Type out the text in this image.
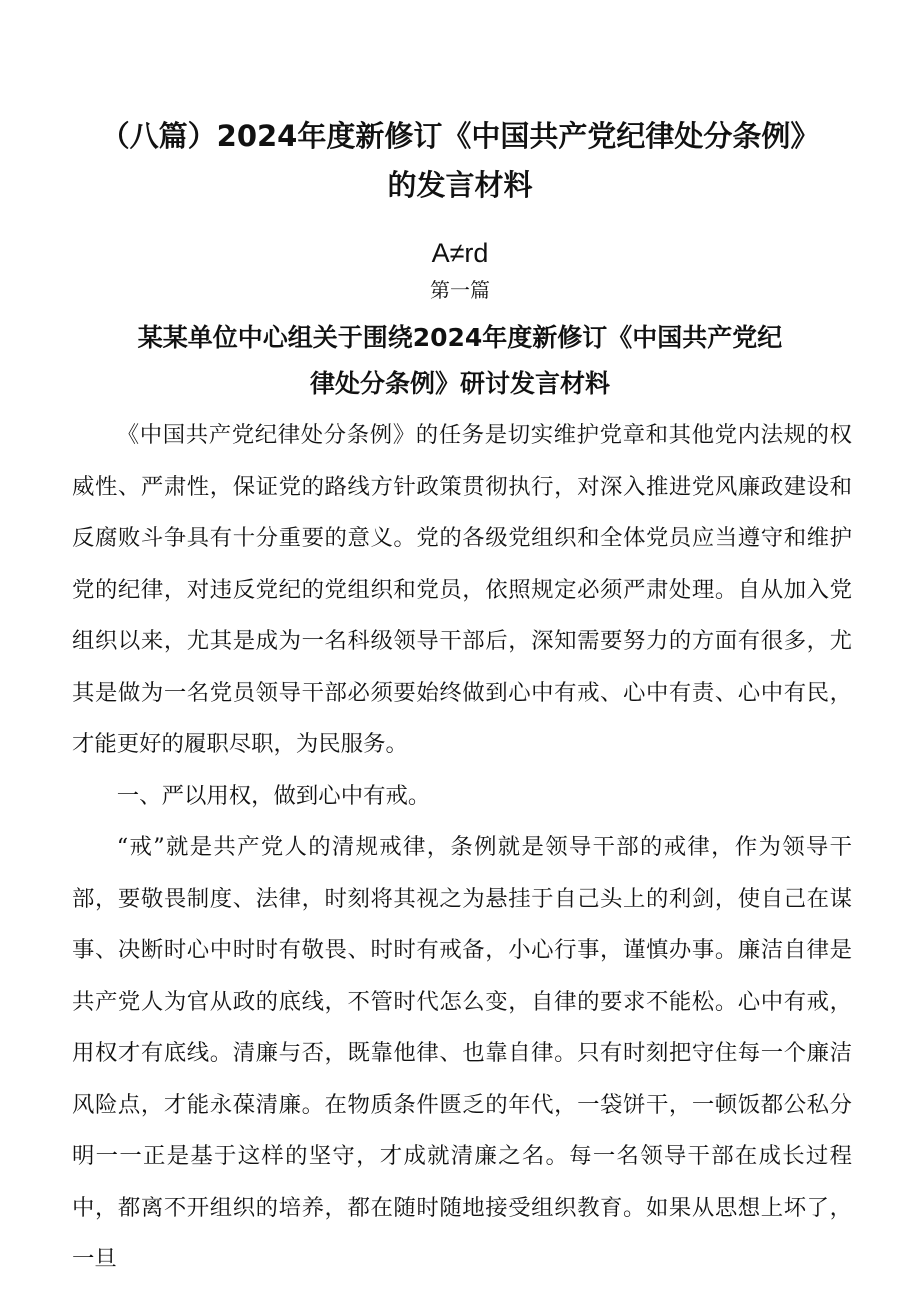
（八篇）2024年度新修订《中国共产党纪律处分条例》
的发言材料
A≠rd
第一篇
某某单位中心组关于围绕2024年度新修订《中国共产党纪
律处分条例》研讨发言材料

《中国共产党纪律处分条例》的任务是切实维护党章和其他党内法规的权威性、严肃性，保证党的路线方针政策贯彻执行，对深入推进党风廉政建设和反腐败斗争具有十分重要的意义。党的各级党组织和全体党员应当遵守和维护党的纪律，对违反党纪的党组织和党员，依照规定必须严肃处理。自从加入党组织以来，尤其是成为一名科级领导干部后，深知需要努力的方面有很多，尤其是做为一名党员领导干部必须要始终做到心中有戒、心中有责、心中有民，才能更好的履职尽职，为民服务。

一、严以用权，做到心中有戒。

“戒”就是共产党人的清规戒律，条例就是领导干部的戒律，作为领导干部，要敬畏制度、法律，时刻将其视之为悬挂于自己头上的利剑，使自己在谋事、决断时心中时时有敬畏、时时有戒备，小心行事，谨慎办事。廉洁自律是共产党人为官从政的底线，不管时代怎么变，自律的要求不能松。心中有戒，用权才有底线。清廉与否，既靠他律、也靠自律。只有时刻把守住每一个廉洁风险点，才能永葆清廉。在物质条件匮乏的年代，一袋饼干，一顿饭都公私分明一一正是基于这样的坚守，才成就清廉之名。每一名领导干部在成长过程中，都离不开组织的培养，都在随时随地接受组织教育。如果从思想上坏了，一旦
